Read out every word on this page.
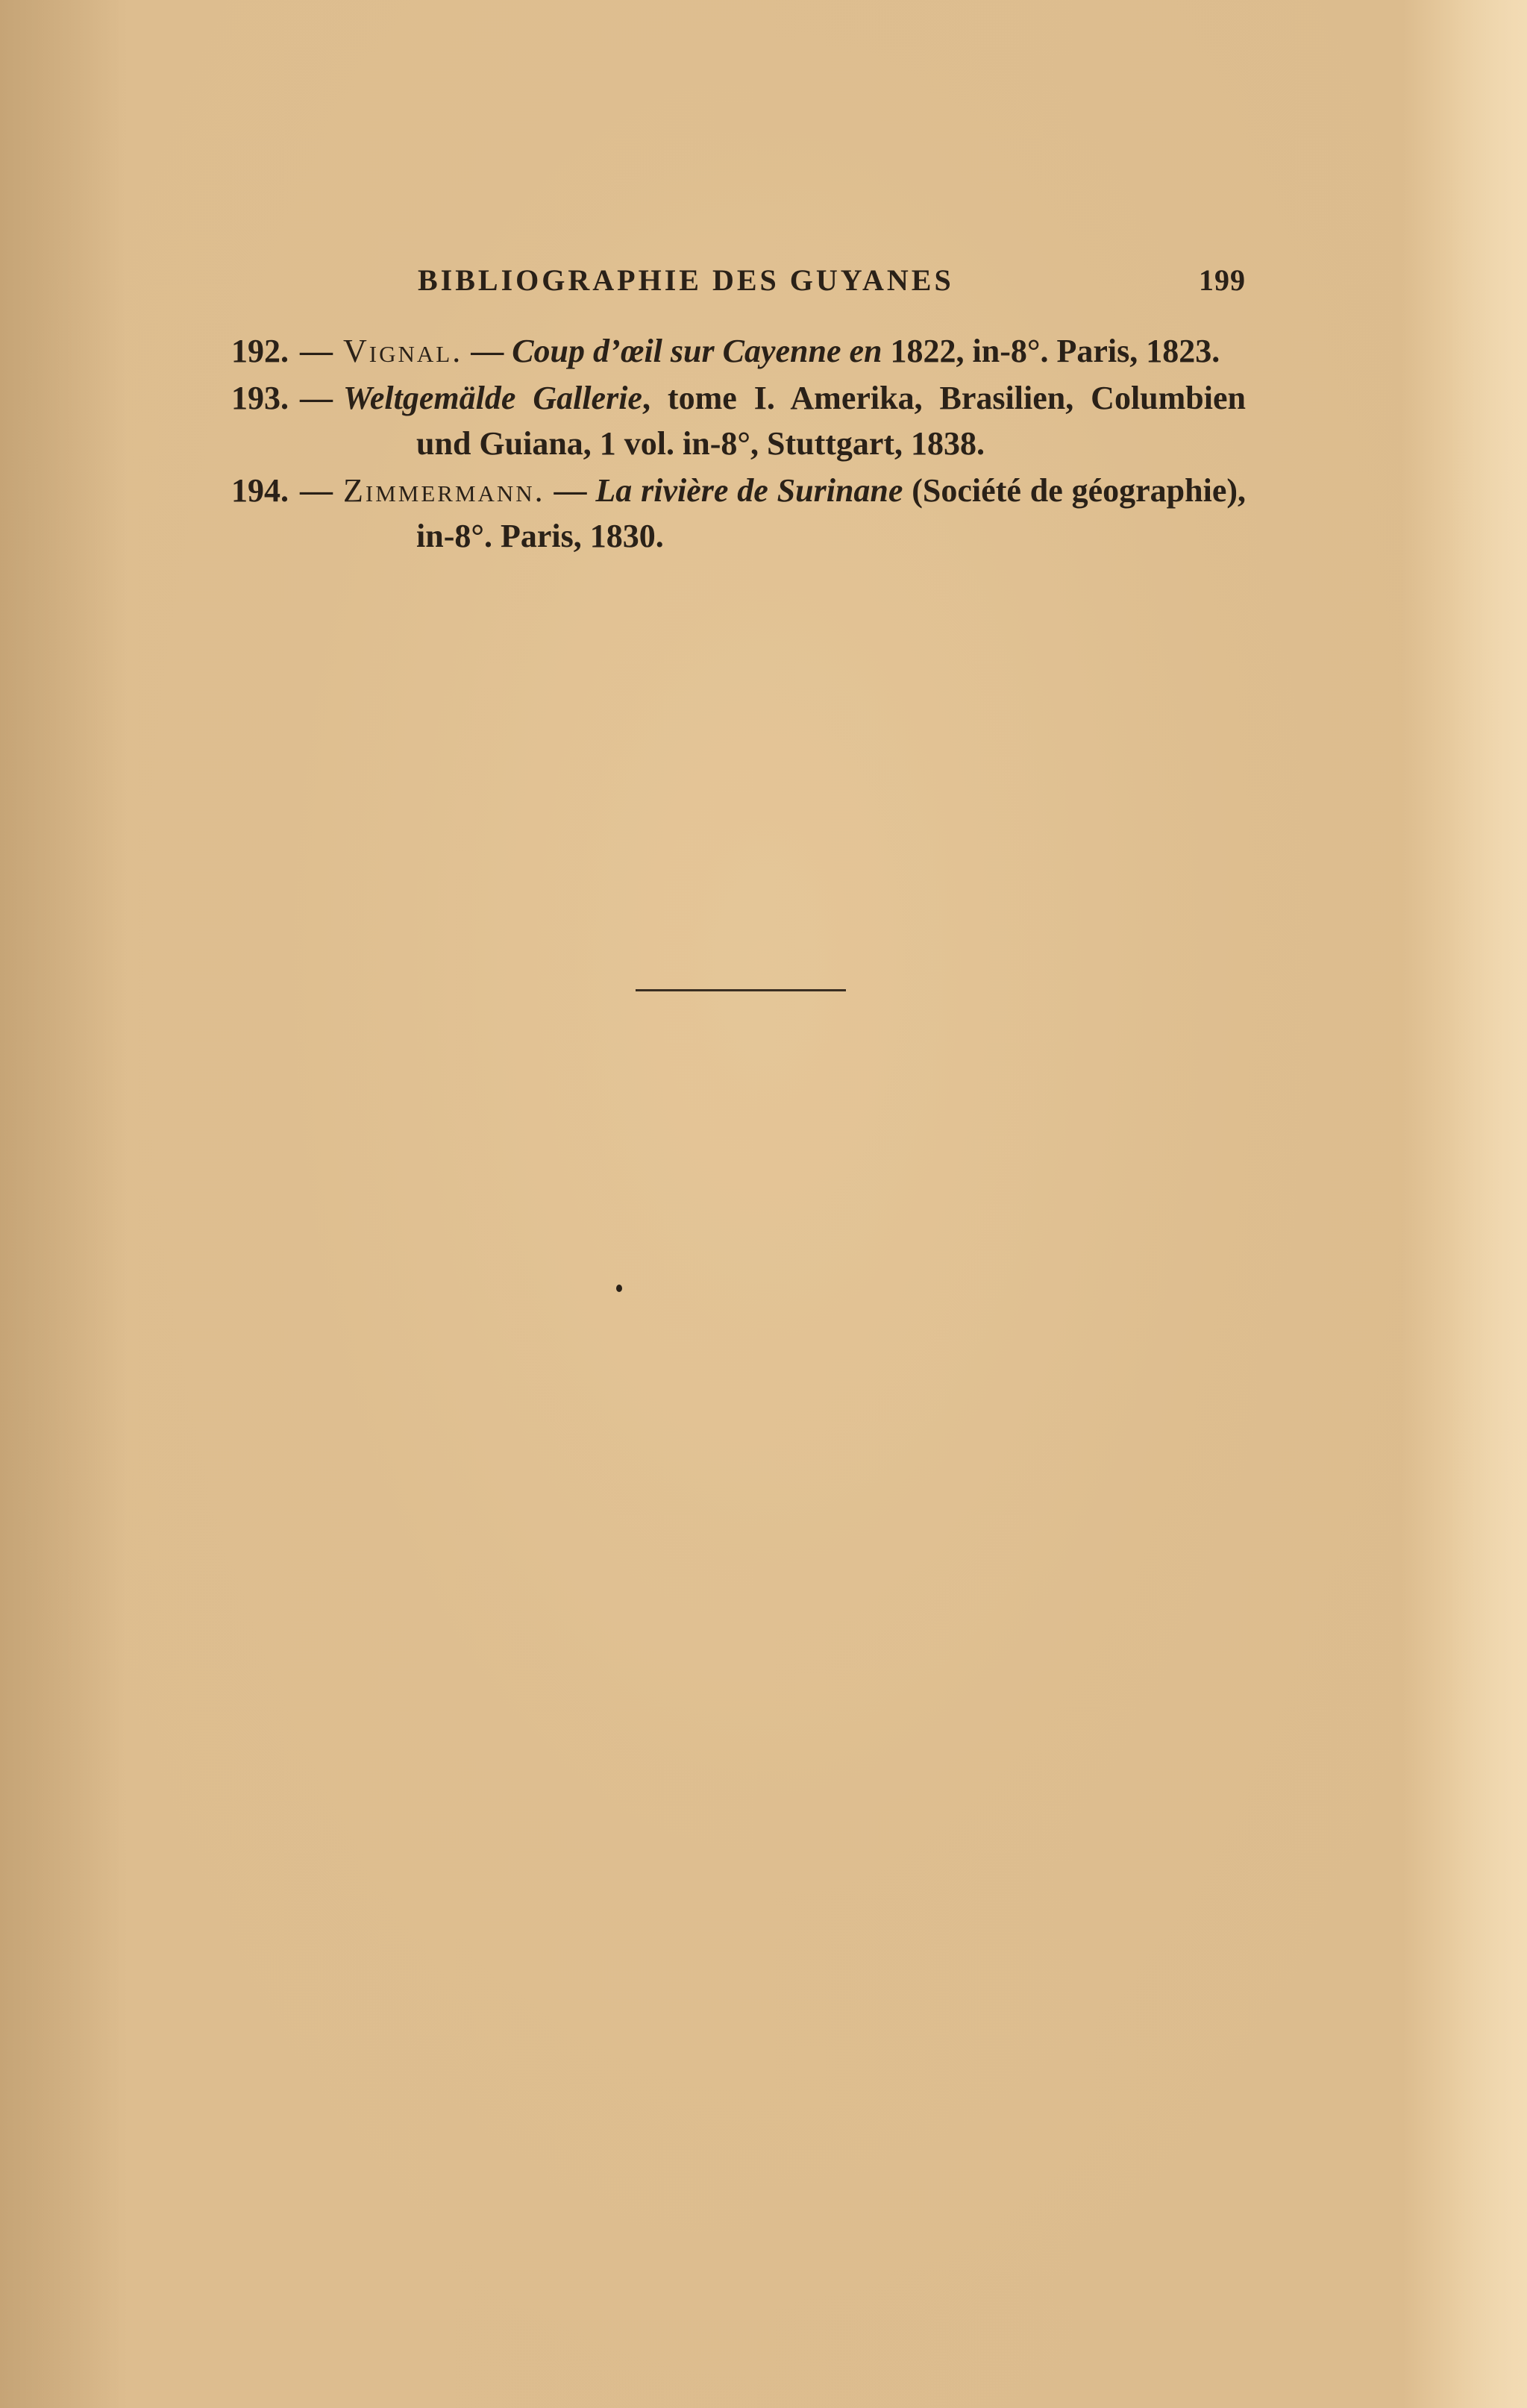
BIBLIOGRAPHIE DES GUYANES	199

192. — Vignal. — Coup d’œil sur Cayenne en 1822, in-8°. Paris, 1823.

193. — Weltgemälde Gallerie, tome I. Amerika, Brasilien, Columbien und Guiana, 1 vol. in-8°, Stuttgart, 1838.

194. — Zimmermann. — La rivière de Surinane (Société de géographie), in-8°. Paris, 1830.
